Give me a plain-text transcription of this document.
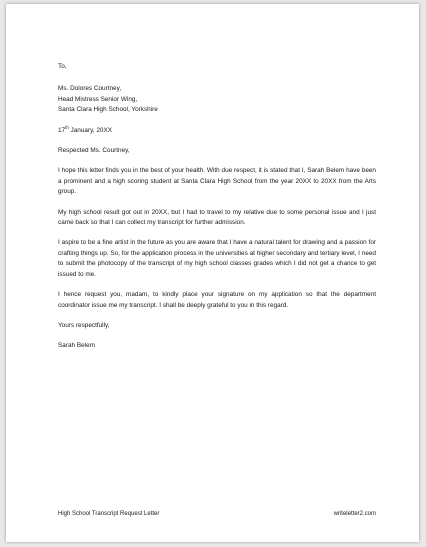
To,

Ms. Dolores Courtney,

Head Mistress Senior Wing,

Santa Clara High School, Yorkshire

17th January, 20XX

Respected Ms. Courtney,

I hope this letter finds you in the best of your health. With due respect, it is stated that I, Sarah Belem have been a prominent and a high scoring student at Santa Clara High School from the year 20XX to 20XX from the Arts group.

My high school result got out in 20XX, but I had to travel to my relative due to some personal issue and I just came back so that I can collect my transcript for further admission.

I aspire to be a fine artist in the future as you are aware that I have a natural talent for drawing and a passion for crafting things up. So, for the application process in the universities at higher secondary and tertiary level, I need to submit the photocopy of the transcript of my high school classes grades which I did not get a chance to get issued to me.

I hence request you, madam, to kindly place your signature on my application so that the department coordinator issue me my transcript. I shall be deeply grateful to you in this regard.

Yours respectfully,

Sarah Belem

High School Transcript Request Letter	writeletter2.com
